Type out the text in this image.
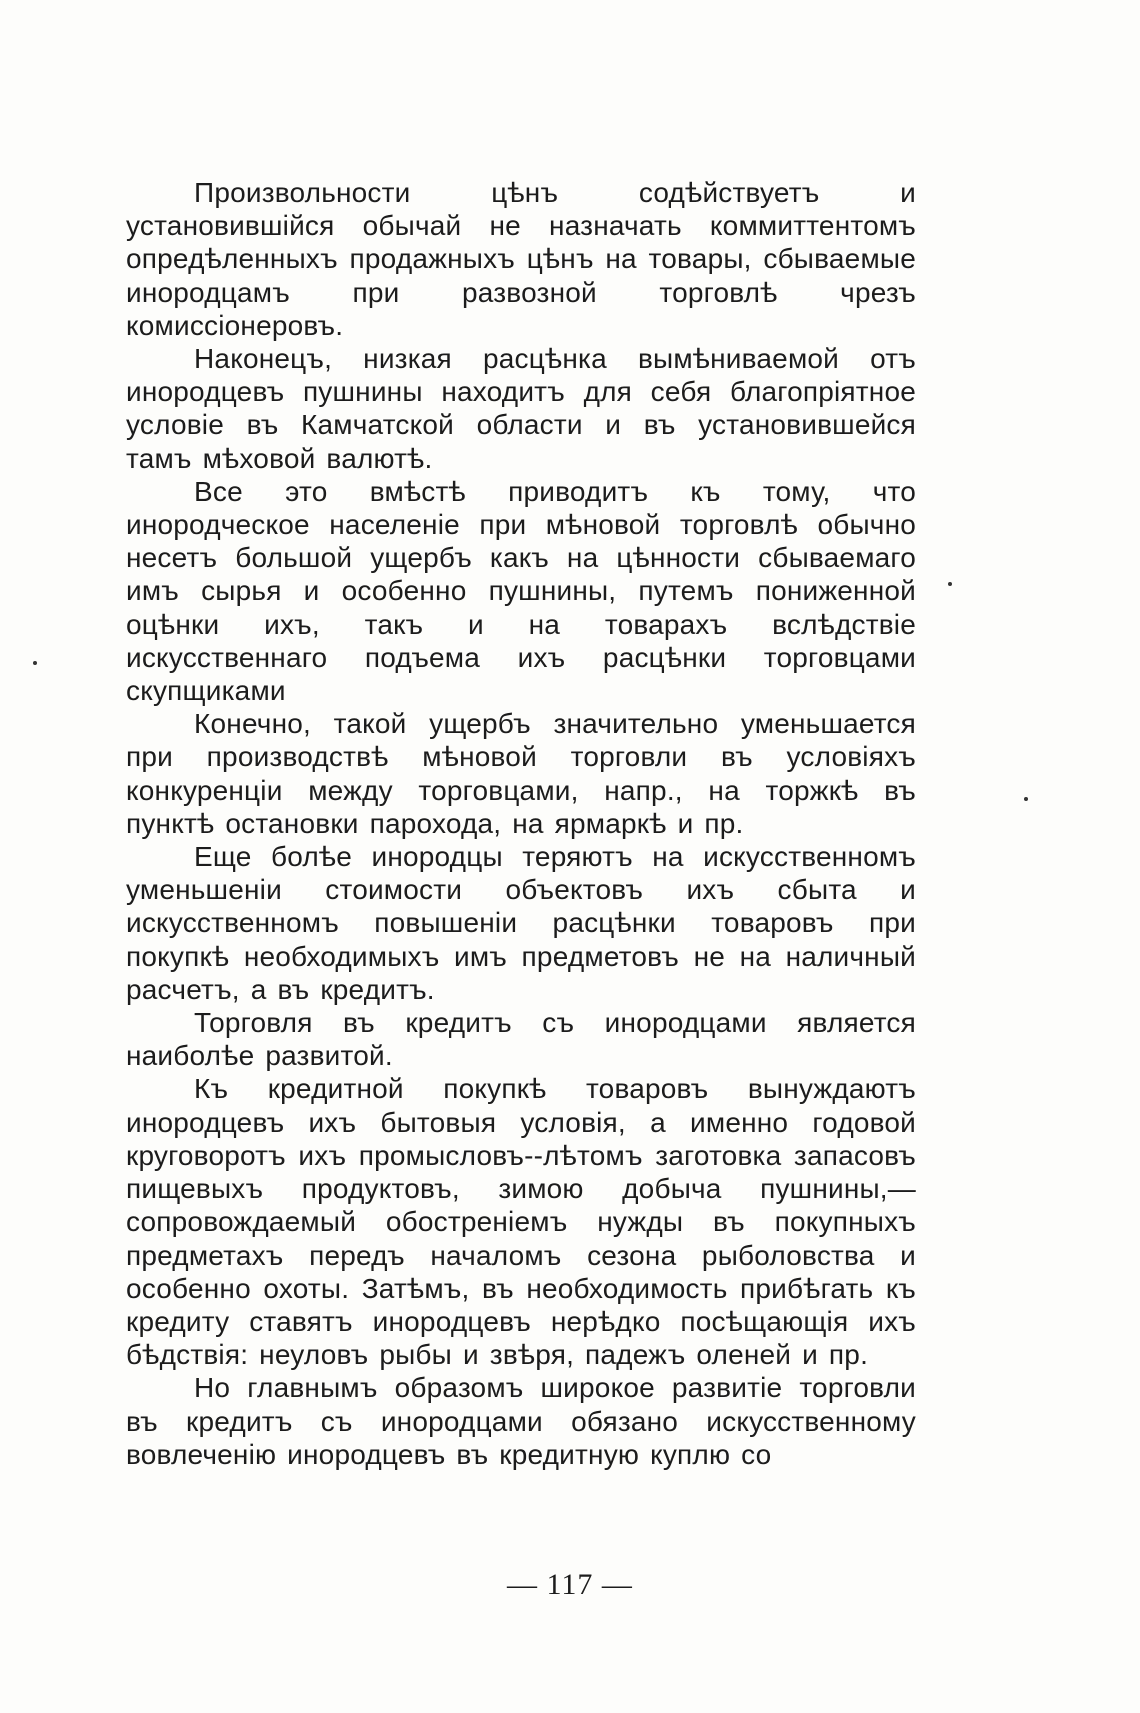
Произвольности цѣнъ содѣйствуетъ и установившійся обычай не назначать коммиттентомъ опредѣленныхъ продажныхъ цѣнъ на товары, сбываемые инородцамъ при развозной торговлѣ чрезъ комиссіонеровъ.

Наконецъ, низкая расцѣнка вымѣниваемой отъ инородцевъ пушнины находитъ для себя благопріятное условіе въ Камчатской области и въ установившейся тамъ мѣховой валютѣ.

Все это вмѣстѣ приводитъ къ тому, что инородческое населеніе при мѣновой торговлѣ обычно несетъ большой ущербъ какъ на цѣнности сбываемаго имъ сырья и особенно пушнины, путемъ пониженной оцѣнки ихъ, такъ и на товарахъ вслѣдствіе искусственнаго подъема ихъ расцѣнки торговцами скупщиками

Конечно, такой ущербъ значительно уменьшается при производствѣ мѣновой торговли въ условіяхъ конкуренціи между торговцами, напр., на торжкѣ въ пунктѣ остановки парохода, на ярмаркѣ и пр.

Еще болѣе инородцы теряютъ на искусственномъ уменьшеніи стоимости объектовъ ихъ сбыта и искусственномъ повышеніи расцѣнки товаровъ при покупкѣ необходимыхъ имъ предметовъ не на наличный расчетъ, а въ кредитъ.

Торговля въ кредитъ съ инородцами является наиболѣе развитой.

Къ кредитной покупкѣ товаровъ вынуждаютъ инородцевъ ихъ бытовыя условія, а именно годовой круговоротъ ихъ промысловъ--лѣтомъ заготовка запасовъ пищевыхъ продуктовъ, зимою добыча пушнины,—сопровождаемый обостреніемъ нужды въ покупныхъ предметахъ передъ началомъ сезона рыболовства и особенно охоты. Затѣмъ, въ необходимость прибѣгать къ кредиту ставятъ инородцевъ нерѣдко посѣщающія ихъ бѣдствія: неуловъ рыбы и звѣря, падежъ оленей и пр.

Но главнымъ образомъ широкое развитіе торговли въ кредитъ съ инородцами обязано искусственному вовлеченію инородцевъ въ кредитную куплю со

— 117 —
